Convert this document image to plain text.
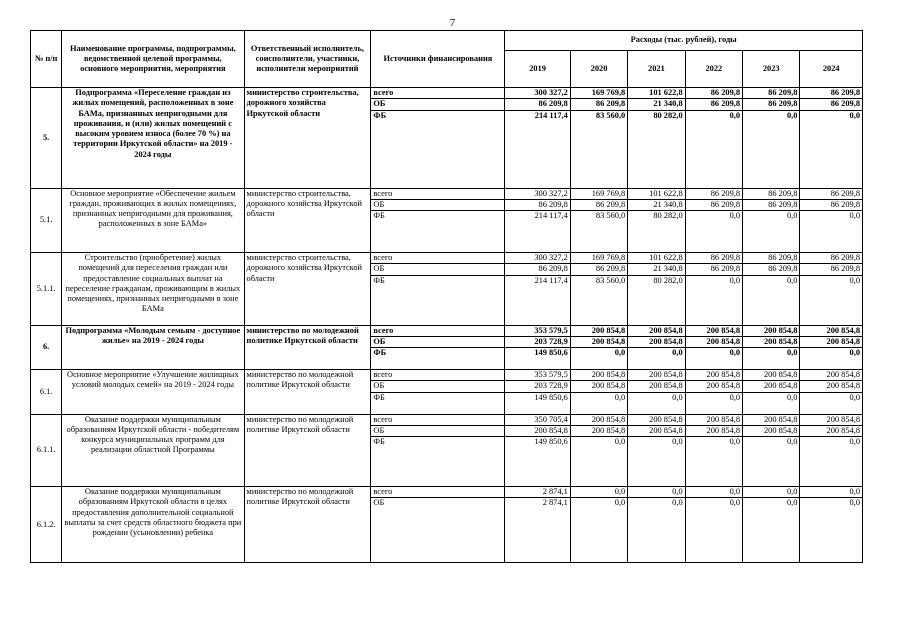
7
№ п/п	Наименование программы, подпрограммы, ведомственной целевой программы, основного мероприятия, мероприятия	Ответственный исполнитель, соисполнители, участники, исполнители мероприятий	Источники финансирования	Расходы (тыс. рублей), годы					
				2019	2020	2021	2022	2023	2024
5.	Подпрограмма «Переселение граждан из жилых помещений, расположенных в зоне БАМа, признанных непригодными для проживания, и (или) жилых помещений с высоким уровнем износа (более 70 %) на территории Иркутской области» на 2019 - 2024 годы	министерство строительства, дорожного хозяйства Иркутской области	всего	300 327,2	169 769,8	101 622,8	86 209,8	86 209,8	86 209,8
			ОБ	86 209,8	86 209,8	21 340,8	86 209,8	86 209,8	86 209,8
			ФБ	214 117,4	83 560,0	80 282,0	0,0	0,0	0,0
5.1.	Основное мероприятие «Обеспечение жильем граждан, проживающих в жилых помещениях, признанных непригодными для проживания, расположенных в зоне БАМа»	министерство строительства, дорожного хозяйства Иркутской области	всего	300 327,2	169 769,8	101 622,8	86 209,8	86 209,8	86 209,8
			ОБ	86 209,8	86 209,8	21 340,8	86 209,8	86 209,8	86 209,8
			ФБ	214 117,4	83 560,0	80 282,0	0,0	0,0	0,0
5.1.1.	Строительство (приобретение) жилых помещений для переселения граждан или предоставление социальных выплат на переселение гражданам, проживающим в жилых помещениях, признанных непригодными в зоне БАМа	министерство строительства, дорожного хозяйства Иркутской области	всего	300 327,2	169 769,8	101 622,8	86 209,8	86 209,8	86 209,8
			ОБ	86 209,8	86 209,8	21 340,8	86 209,8	86 209,8	86 209,8
			ФБ	214 117,4	83 560,0	80 282,0	0,0	0,0	0,0
6.	Подпрограмма «Молодым семьям - доступное жилье» на 2019 - 2024 годы	министерство по молодежной политике Иркутской области	всего	353 579,5	200 854,8	200 854,8	200 854,8	200 854,8	200 854,8
			ОБ	203 728,9	200 854,8	200 854,8	200 854,8	200 854,8	200 854,8
			ФБ	149 850,6	0,0	0,0	0,0	0,0	0,0
6.1.	Основное мероприятие «Улучшение жилищных условий молодых семей» на 2019 - 2024 годы	министерство по молодежной политике Иркутской области	всего	353 579,5	200 854,8	200 854,8	200 854,8	200 854,8	200 854,8
			ОБ	203 728,9	200 854,8	200 854,8	200 854,8	200 854,8	200 854,8
			ФБ	149 850,6	0,0	0,0	0,0	0,0	0,0
6.1.1.	Оказание поддержки муниципальным образованиям Иркутской области - победителям конкурса муниципальных программ для реализации областной Программы	министерство по молодежной политике Иркутской области	всего	350 705,4	200 854,8	200 854,8	200 854,8	200 854,8	200 854,8
			ОБ	200 854,8	200 854,8	200 854,8	200 854,8	200 854,8	200 854,8
			ФБ	149 850,6	0,0	0,0	0,0	0,0	0,0
6.1.2.	Оказание поддержки муниципальным образованиям Иркутской области в целях предоставления дополнительной социальной выплаты за счет средств областного бюджета при рождении (усыновлении) ребенка	министерство по молодежной политике Иркутской области	всего	2 874,1	0,0	0,0	0,0	0,0	0,0
			ОБ	2 874,1	0,0	0,0	0,0	0,0	0,0
